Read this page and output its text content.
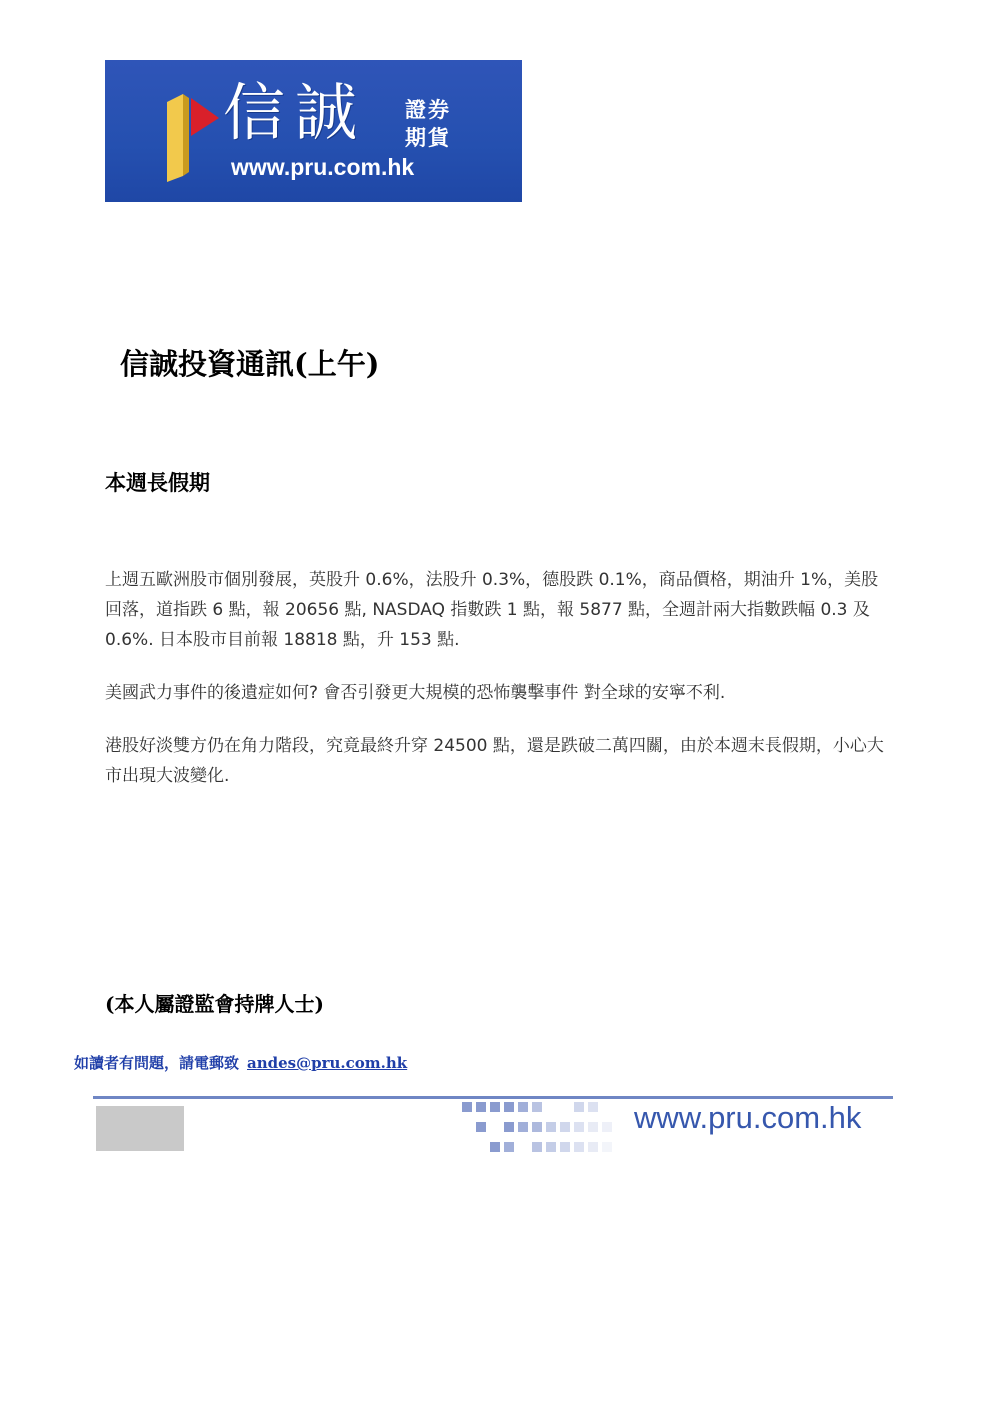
信誠 證券
期貨
www.pru.com.hk
信誠投資通訊(上午)
本週長假期

上週五歐洲股市個別發展，英股升 0.6%，法股升 0.3%，德股跌 0.1%，商品價格，期油升 1%，美股回落，道指跌 6 點，報 20656 點, NASDAQ 指數跌 1 點，報 5877 點，全週計兩大指數跌幅 0.3 及 0.6%. 日本股市目前報 18818 點，升 153 點.

美國武力事件的後遺症如何? 會否引發更大規模的恐怖襲擊事件 對全球的安寧不利.

港股好淡雙方仍在角力階段，究竟最終升穿 24500 點，還是跌破二萬四關，由於本週末長假期，小心大市出現大波變化.

(本人屬證監會持牌人士)
如讀者有問題，請電郵致 andes@pru.com.hk
www.pru.com.hk
